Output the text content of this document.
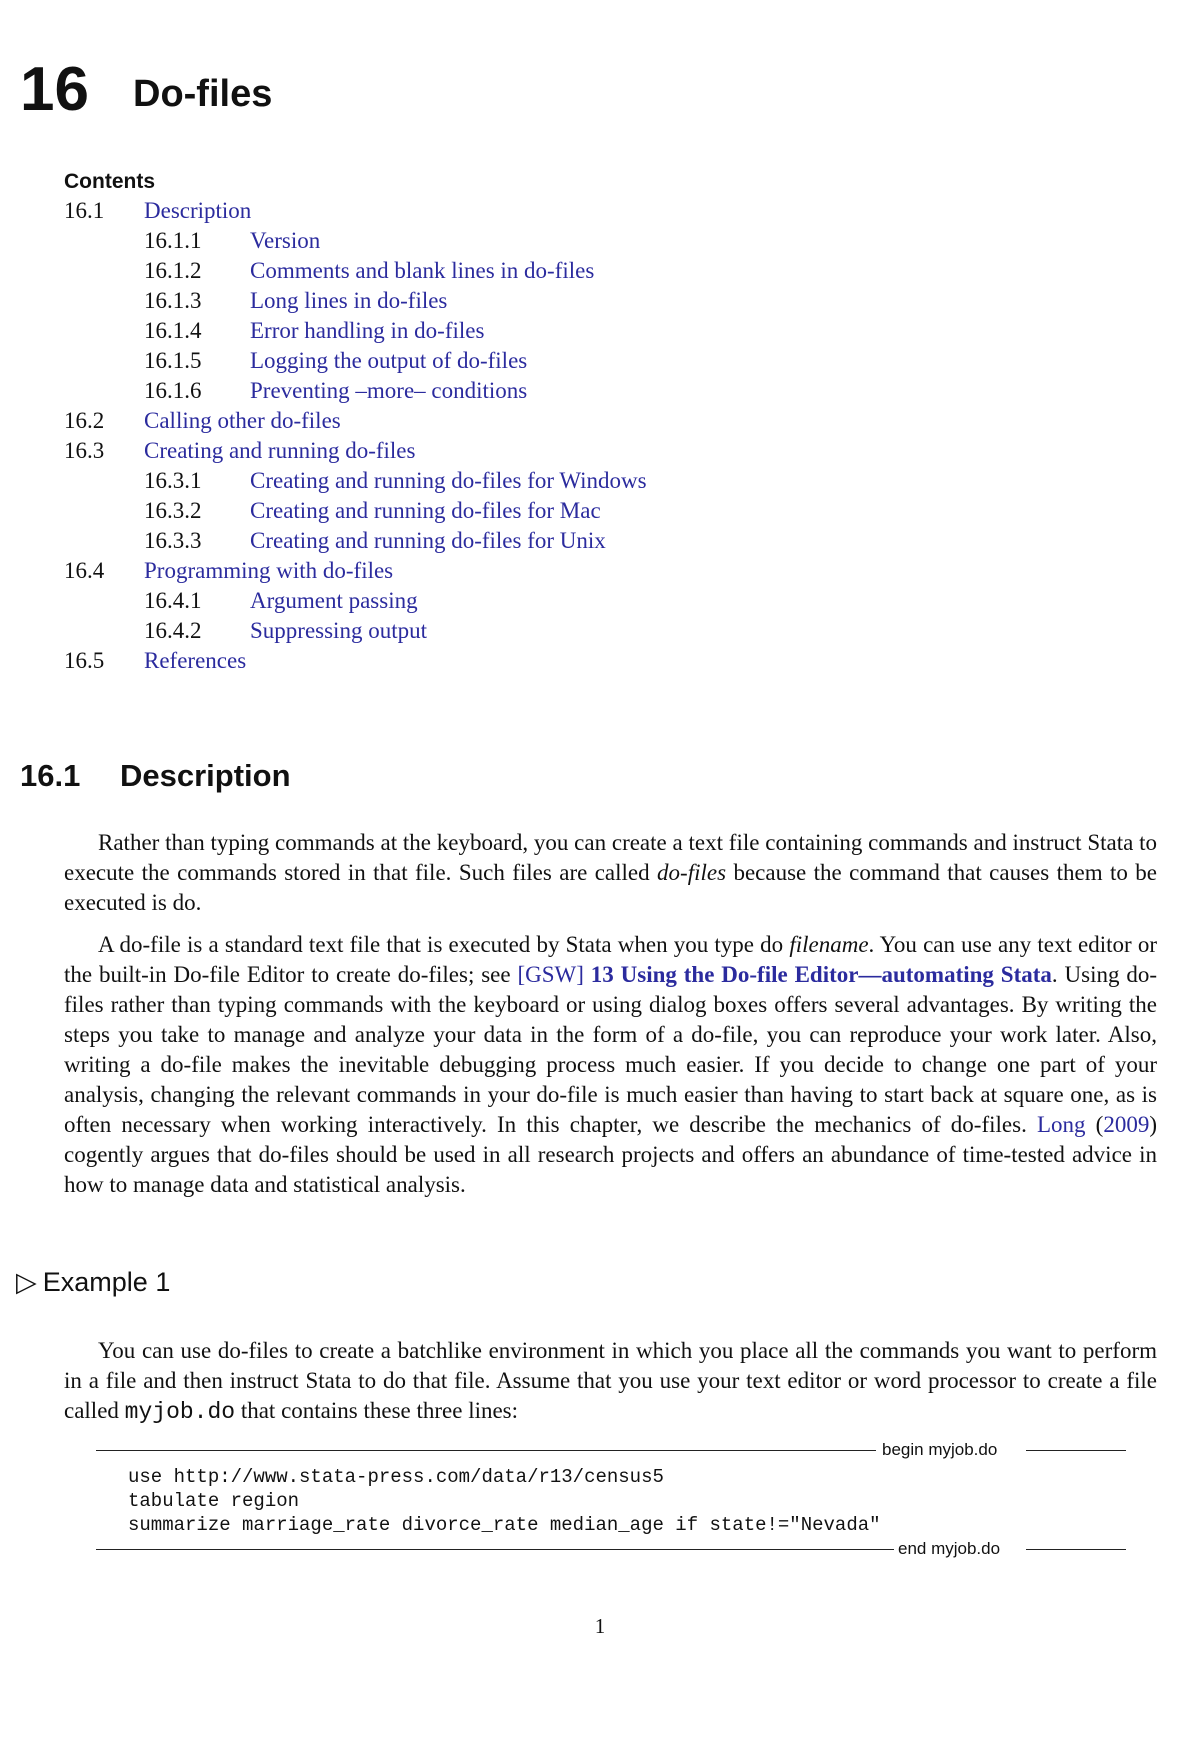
16 Do-files
Contents
16.1 Description
16.1.1 Version
16.1.2 Comments and blank lines in do-files
16.1.3 Long lines in do-files
16.1.4 Error handling in do-files
16.1.5 Logging the output of do-files
16.1.6 Preventing –more– conditions
16.2 Calling other do-files
16.3 Creating and running do-files
16.3.1 Creating and running do-files for Windows
16.3.2 Creating and running do-files for Mac
16.3.3 Creating and running do-files for Unix
16.4 Programming with do-files
16.4.1 Argument passing
16.4.2 Suppressing output
16.5 References
16.1 Description

Rather than typing commands at the keyboard, you can create a text file containing commands and instruct Stata to execute the commands stored in that file. Such files are called do-files because the command that causes them to be executed is do.

A do-file is a standard text file that is executed by Stata when you type do filename. You can use any text editor or the built-in Do-file Editor to create do-files; see [GSW] 13 Using the Do-file Editor—automating Stata. Using do-files rather than typing commands with the keyboard or using dialog boxes offers several advantages. By writing the steps you take to manage and analyze your data in the form of a do-file, you can reproduce your work later. Also, writing a do-file makes the inevitable debugging process much easier. If you decide to change one part of your analysis, changing the relevant commands in your do-file is much easier than having to start back at square one, as is often necessary when working interactively. In this chapter, we describe the mechanics of do-files. Long (2009) cogently argues that do-files should be used in all research projects and offers an abundance of time-tested advice in how to manage data and statistical analysis.

▷ Example 1

You can use do-files to create a batchlike environment in which you place all the commands you want to perform in a file and then instruct Stata to do that file. Assume that you use your text editor or word processor to create a file called myjob.do that contains these three lines:

begin myjob.do
use http://www.stata-press.com/data/r13/census5
tabulate region
summarize marriage_rate divorce_rate median_age if state!="Nevada"
end myjob.do
1
